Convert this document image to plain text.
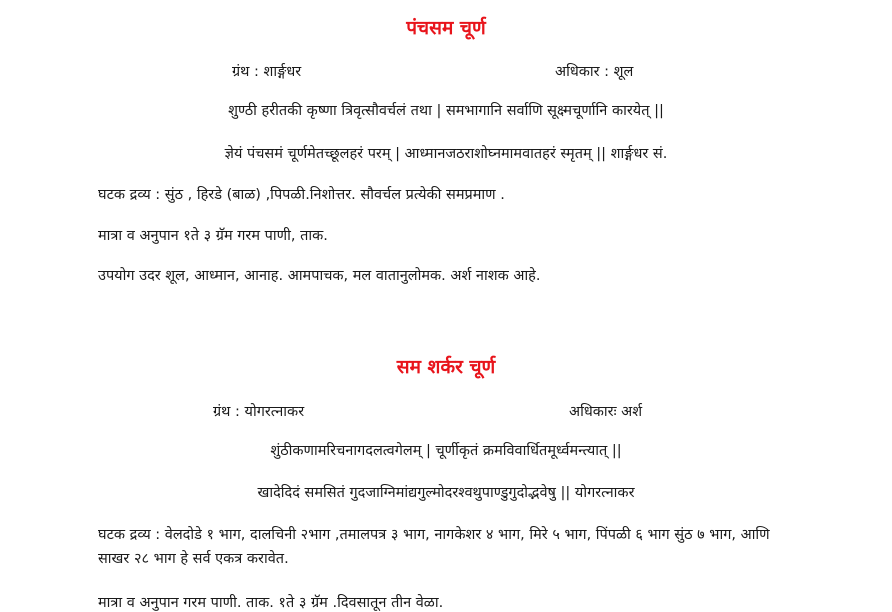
पंचसम चूर्ण
ग्रंथ : शार्ङ्गधर	अधिकार : शूल
शुण्ठी हरीतकी कृष्णा त्रिवृत्सौवर्चलं तथा | समभागानि सर्वाणि सूक्ष्मचूर्णानि कारयेत् ||
ज्ञेयं पंचसमं चूर्णमेतच्छूलहरं परम् | आध्मानजठराशोघ्नमामवातहरं स्मृतम् || शार्ङ्गधर सं.
घटक द्रव्य : सुंठ , हिरडे (बाळ) ,पिपळी.निशोत्तर. सौवर्चल प्रत्येकी समप्रमाण .
मात्रा व अनुपान १ते ३ ग्रॅम गरम पाणी, ताक.
उपयोग उदर शूल, आध्मान, आनाह. आमपाचक, मल वातानुलोमक. अर्श नाशक आहे.
सम शर्कर चूर्ण
ग्रंथ : योगरत्नाकर	अधिकारः अर्श
शुंठीकणामरिचनागदलत्वगेलम् | चूर्णीकृतं क्रमविवार्धितमूर्ध्वमन्त्यात् ||
खादेदिदं समसितं गुदजाग्निमांद्यगुल्मोदरश्वथुपाण्डुगुदोद्भवेषु || योगरत्नाकर
घटक द्रव्य : वेलदोडे १ भाग, दालचिनी २भाग ,तमालपत्र ३ भाग, नागकेशर ४ भाग, मिरे ५ भाग, पिंपळी ६ भाग सुंठ ७ भाग, आणि साखर २८ भाग हे सर्व एकत्र करावेत.
मात्रा व अनुपान गरम पाणी. ताक. १ते ३ ग्रॅम .दिवसातून तीन वेळा.
